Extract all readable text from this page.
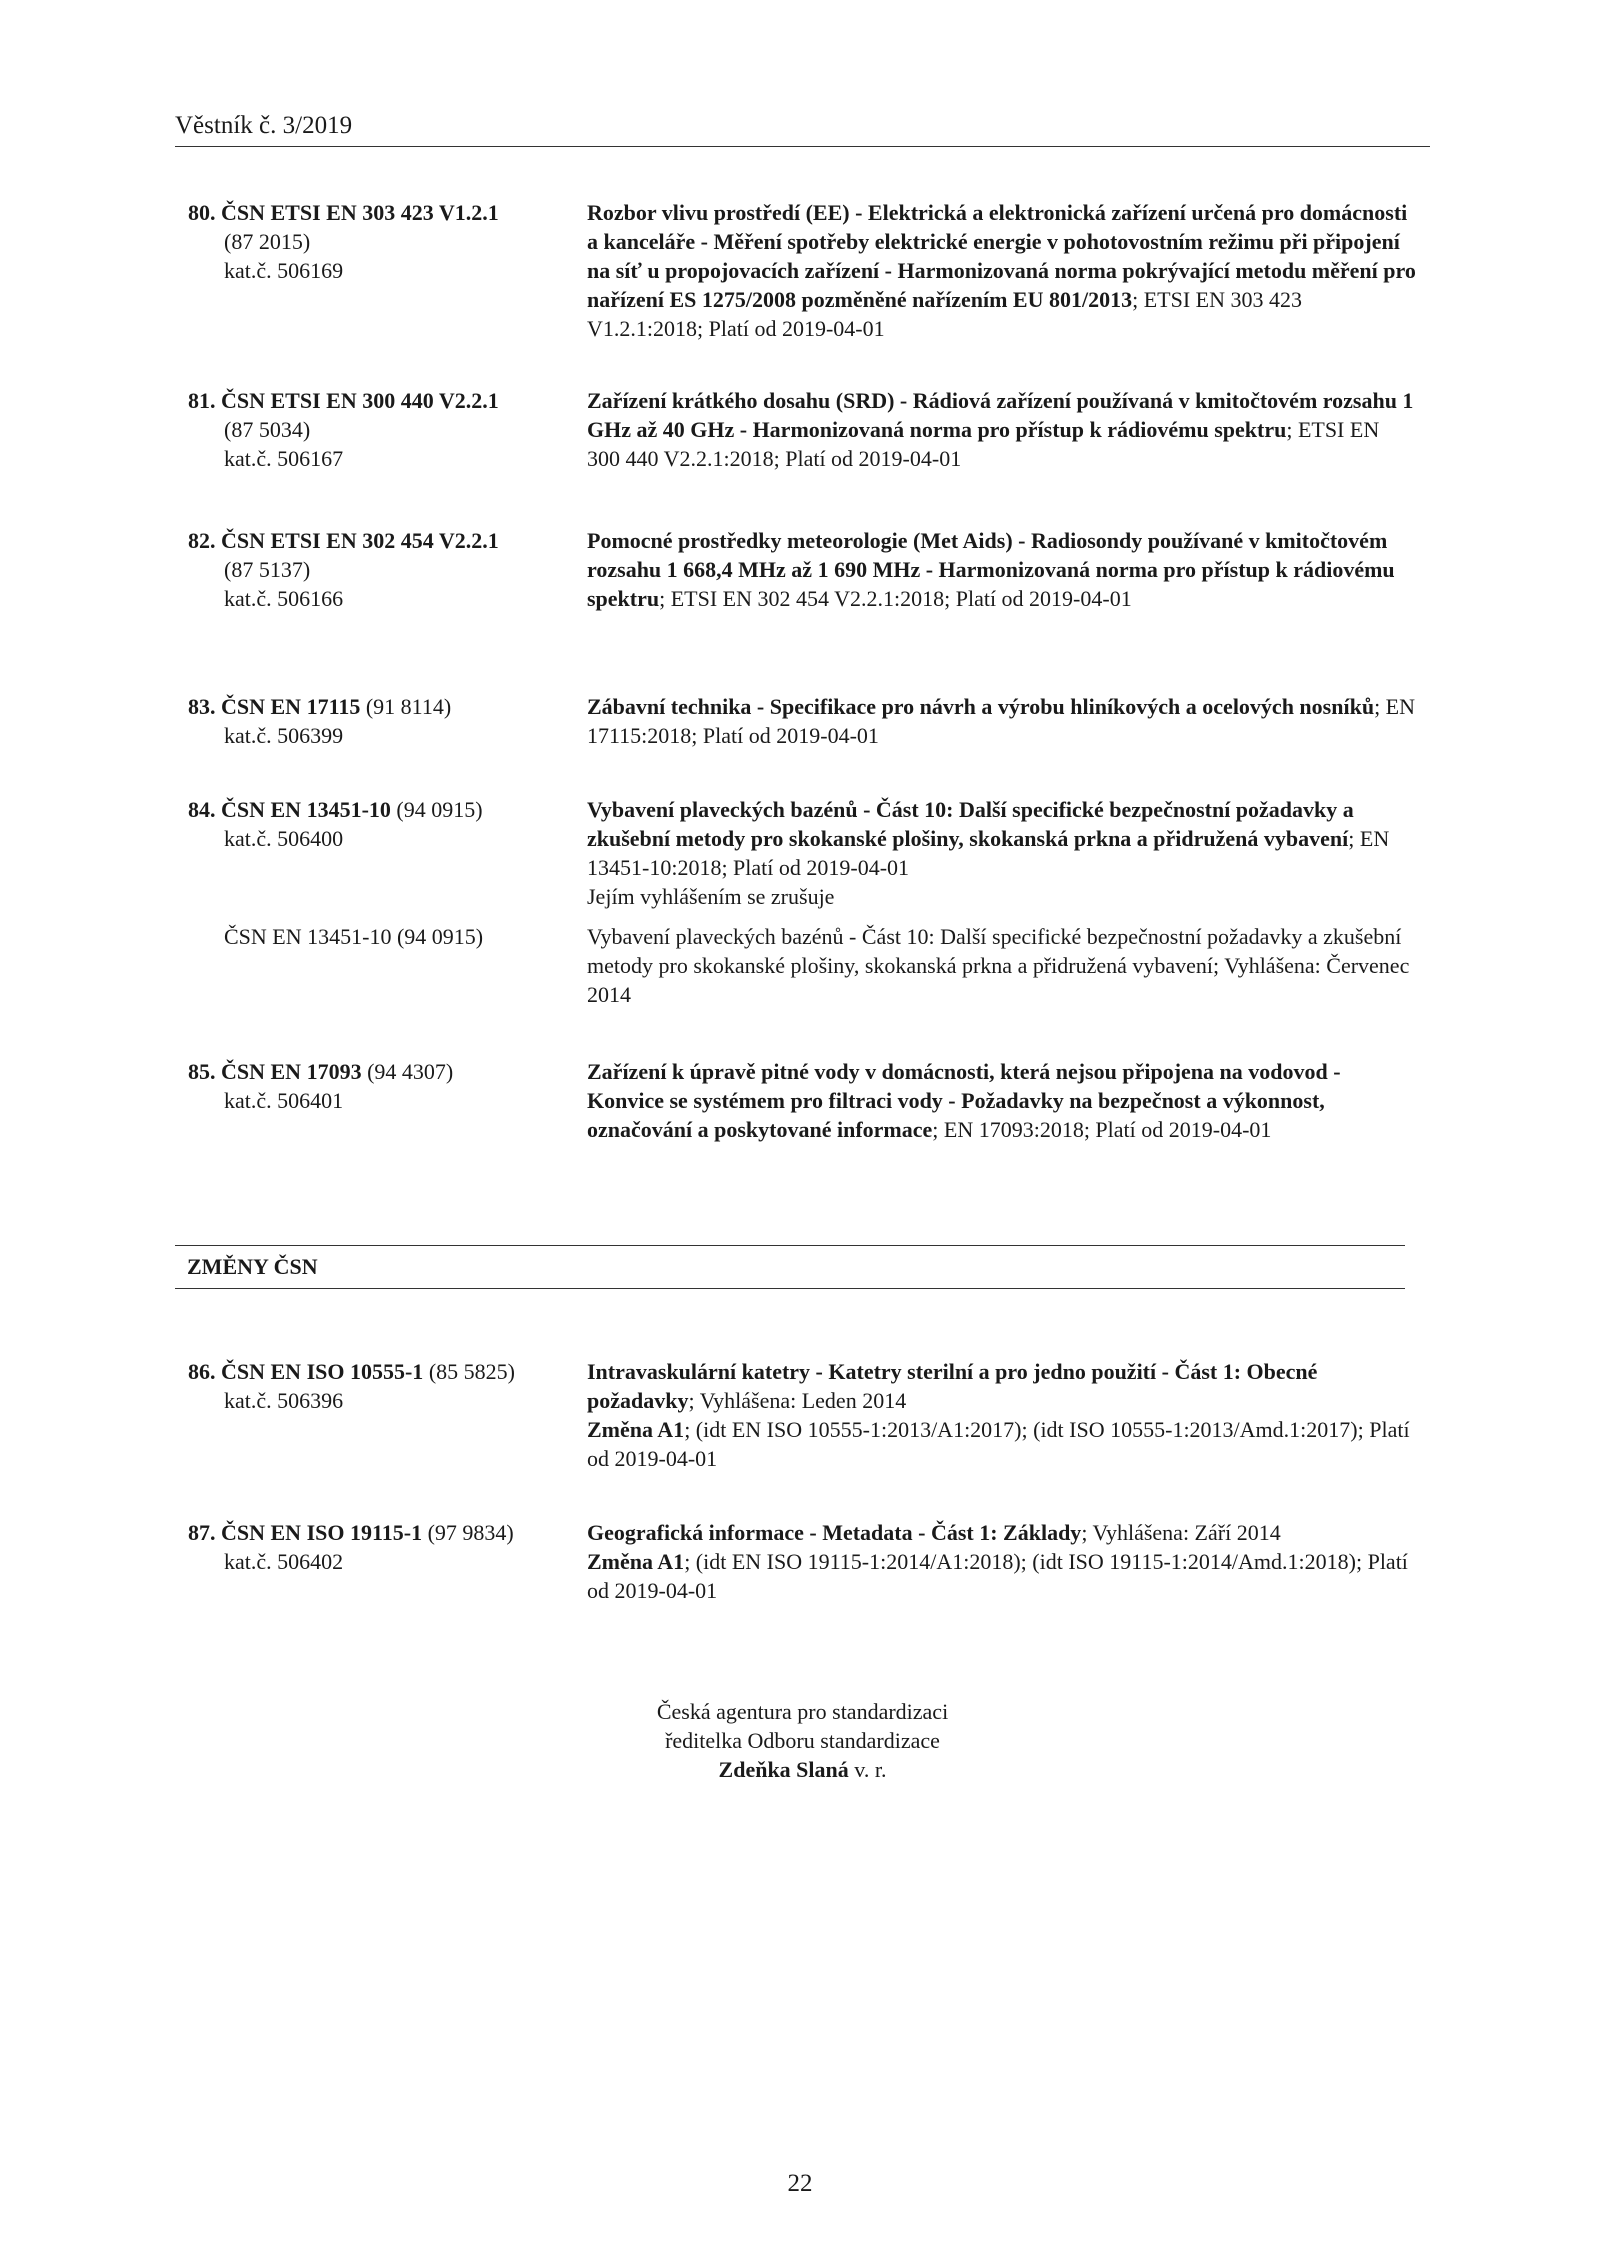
Věstník č. 3/2019
80. ČSN ETSI EN 303 423 V1.2.1
(87 2015)
kat.č. 506169
Rozbor vlivu prostředí (EE) - Elektrická a elektronická zařízení určená pro domácnosti a kanceláře - Měření spotřeby elektrické energie v pohotovostním režimu při připojení na síť u propojovacích zařízení - Harmonizovaná norma pokrývající metodu měření pro nařízení ES 1275/2008 pozměněné nařízením EU 801/2013; ETSI EN 303 423 V1.2.1:2018; Platí od 2019-04-01
81. ČSN ETSI EN 300 440 V2.2.1
(87 5034)
kat.č. 506167
Zařízení krátkého dosahu (SRD) - Rádiová zařízení používaná v kmitočtovém rozsahu 1 GHz až 40 GHz - Harmonizovaná norma pro přístup k rádiovému spektru; ETSI EN 300 440 V2.2.1:2018; Platí od 2019-04-01
82. ČSN ETSI EN 302 454 V2.2.1
(87 5137)
kat.č. 506166
Pomocné prostředky meteorologie (Met Aids) - Radiosondy používané v kmitočtovém rozsahu 1 668,4 MHz až 1 690 MHz - Harmonizovaná norma pro přístup k rádiovému spektru; ETSI EN 302 454 V2.2.1:2018; Platí od 2019-04-01
83. ČSN EN 17115 (91 8114)
kat.č. 506399
Zábavní technika - Specifikace pro návrh a výrobu hliníkových a ocelových nosníků; EN 17115:2018; Platí od 2019-04-01
84. ČSN EN 13451-10 (94 0915)
kat.č. 506400
Vybavení plaveckých bazénů - Část 10: Další specifické bezpečnostní požadavky a zkušební metody pro skokanské plošiny, skokanská prkna a přidružená vybavení; EN 13451-10:2018; Platí od 2019-04-01
Jejím vyhlášením se zrušuje
ČSN EN 13451-10 (94 0915)	Vybavení plaveckých bazénů - Část 10: Další specifické bezpečnostní požadavky a zkušební metody pro skokanské plošiny, skokanská prkna a přidružená vybavení; Vyhlášena: Červenec 2014
85. ČSN EN 17093 (94 4307)
kat.č. 506401
Zařízení k úpravě pitné vody v domácnosti, která nejsou připojena na vodovod - Konvice se systémem pro filtraci vody - Požadavky na bezpečnost a výkonnost, označování a poskytované informace; EN 17093:2018; Platí od 2019-04-01
ZMĚNY ČSN
86. ČSN EN ISO 10555-1 (85 5825)
kat.č. 506396
Intravaskulární katetry - Katetry sterilní a pro jedno použití - Část 1: Obecné požadavky; Vyhlášena: Leden 2014
Změna A1; (idt EN ISO 10555-1:2013/A1:2017); (idt ISO 10555-1:2013/Amd.1:2017); Platí od 2019-04-01
87. ČSN EN ISO 19115-1 (97 9834)
kat.č. 506402
Geografická informace - Metadata - Část 1: Základy; Vyhlášena: Září 2014
Změna A1; (idt EN ISO 19115-1:2014/A1:2018); (idt ISO 19115-1:2014/Amd.1:2018); Platí od 2019-04-01
Česká agentura pro standardizaci
ředitelka Odboru standardizace
Zdeňka Slaná v. r.
22
